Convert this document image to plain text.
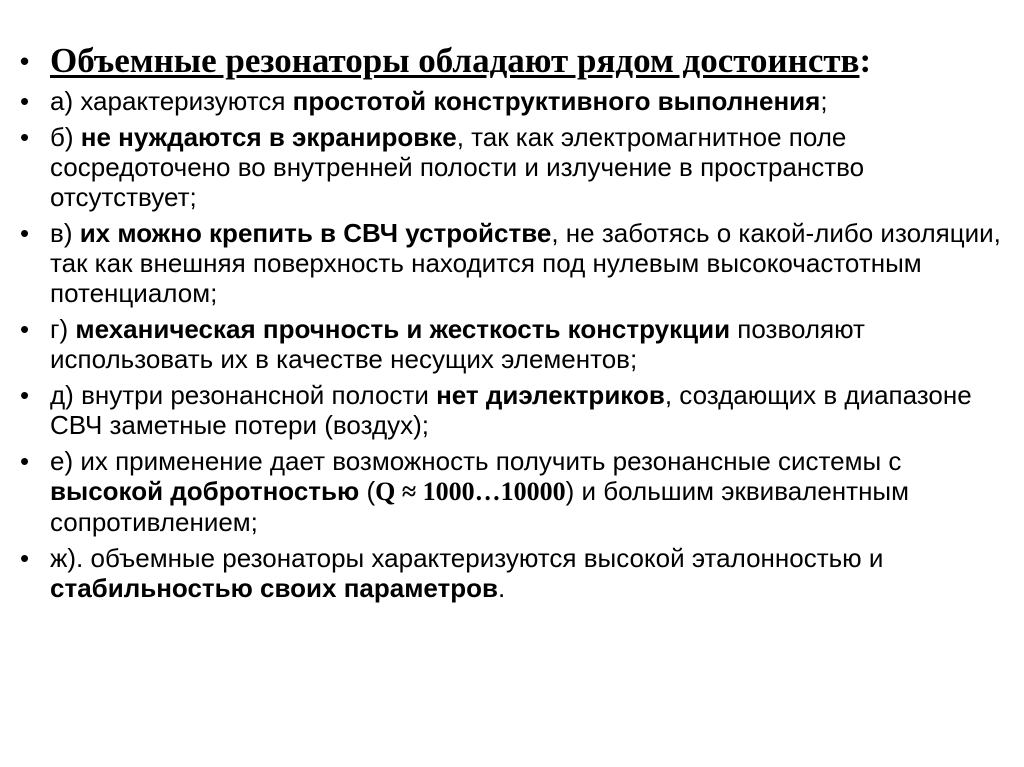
• Объемные резонаторы обладают рядом достоинств:
• а) характеризуются простотой конструктивного выполнения;
• б) не нуждаются в экранировке, так как электромагнитное поле сосредоточено во внутренней полости и излучение в пространство отсутствует;
• в) их можно крепить в СВЧ устройстве, не заботясь о какой-либо изоляции, так как внешняя поверхность находится под нулевым высокочастотным потенциалом;
• г) механическая прочность и жесткость конструкции позволяют использовать их в качестве несущих элементов;
• д) внутри резонансной полости нет диэлектриков, создающих в диапазоне СВЧ заметные потери (воздух);
• е) их применение дает возможность получить резонансные системы с высокой добротностью (Q ≈ 1000…10000) и большим эквивалентным сопротивлением;
• ж). объемные резонаторы характеризуются высокой эталонностью и стабильностью своих параметров.
